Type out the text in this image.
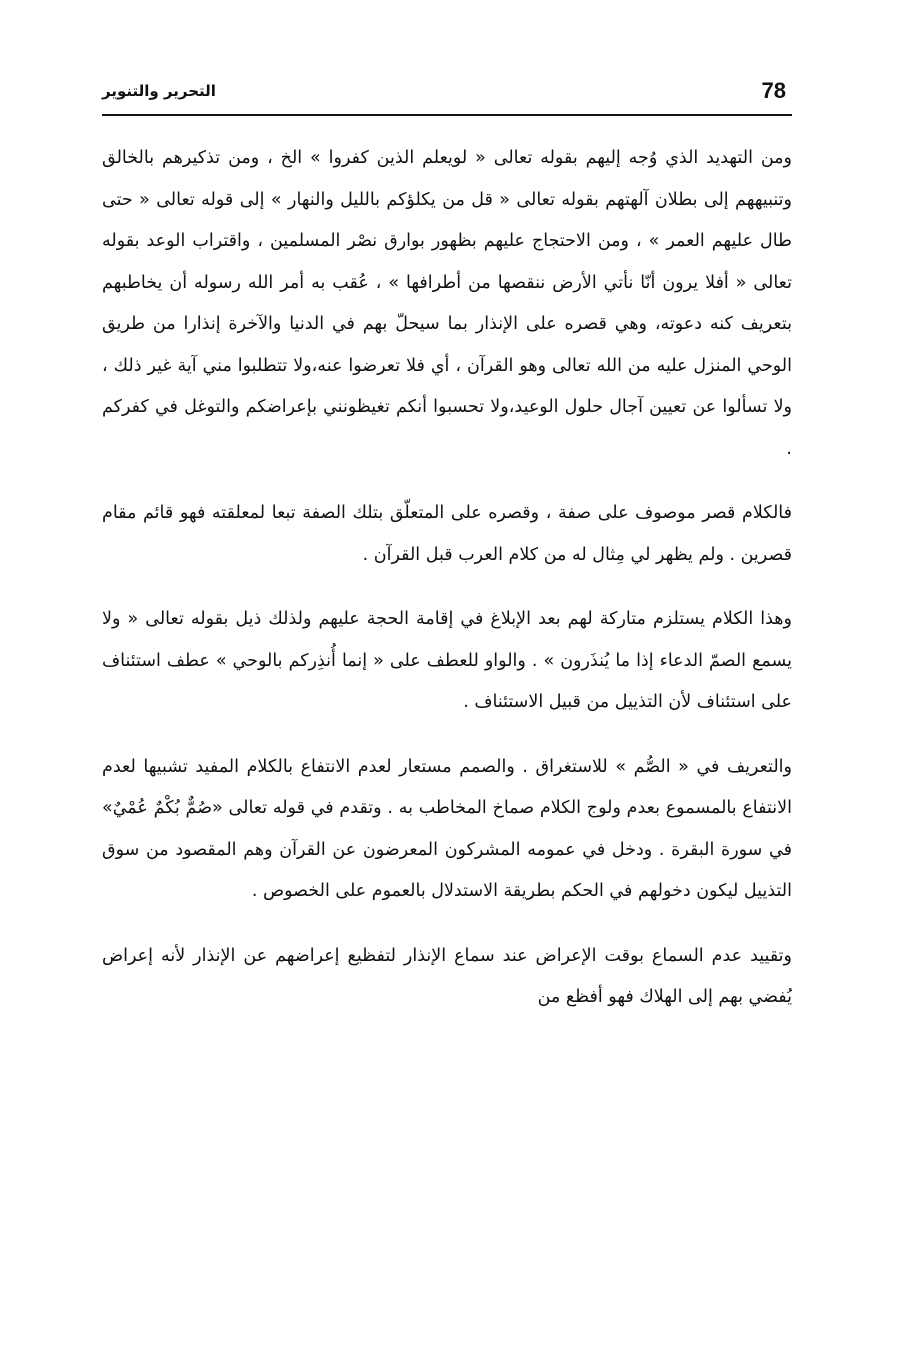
78
التحرير والتنوير

ومن التهديد الذي وُجه إليهم بقوله تعالى « لويعلم الذين كفروا » الخ ، ومن تذكيرهم بالخالق وتنبيههم إلى بطلان آلهتهم بقوله تعالى « قل من يكلؤكم بالليل والنهار » إلى قوله تعالى « حتى طال عليهم العمر » ، ومن الاحتجاج عليهم بظهور بوارق نصْر المسلمين ، واقتراب الوعد بقوله تعالى « أفلا يرون أنّا نأتي الأرض ننقصها من أطرافها » ، عُقب به أمر الله رسوله أن يخاطبهم بتعريف كنه دعوته، وهي قصره على الإنذار بما سيحلّ بهم في الدنيا والآخرة إنذارا من طريق الوحي المنزل عليه من الله تعالى وهو القرآن ، أي فلا تعرضوا عنه،ولا تتطلبوا مني آية غير ذلك ، ولا تسألوا عن تعيين آجال حلول الوعيد،ولا تحسبوا أنكم تغيظونني بإعراضكم والتوغل في كفركم .

فالكلام قصر موصوف على صفة ، وقصره على المتعلّق بتلك الصفة تبعا لمعلقته فهو قائم مقام قصرين . ولم يظهر لي مِثال له من كلام العرب قبل القرآن .

وهذا الكلام يستلزم متاركة لهم بعد الإبلاغ في إقامة الحجة عليهم ولذلك ذيل بقوله تعالى « ولا يسمع الصمّ الدعاء إذا ما يُنذَرون » . والواو للعطف على « إنما أُنذِركم بالوحي » عطف استئناف على استئناف لأن التذييل من قبيل الاستئناف .

والتعريف في « الصُّم » للاستغراق . والصمم مستعار لعدم الانتفاع بالكلام المفيد تشبيها لعدم الانتفاع بالمسموع بعدم ولوج الكلام صماخ المخاطب به . وتقدم في قوله تعالى «صُمٌّ بُكْمٌ عُمْيٌ» في سورة البقرة . ودخل في عمومه المشركون المعرضون عن القرآن وهم المقصود من سوق التذييل ليكون دخولهم في الحكم بطريقة الاستدلال بالعموم على الخصوص .

وتقييد عدم السماع بوقت الإعراض عند سماع الإنذار لتفظيع إعراضهم عن الإنذار لأنه إعراض يُفضي بهم إلى الهلاك فهو أفظع من
